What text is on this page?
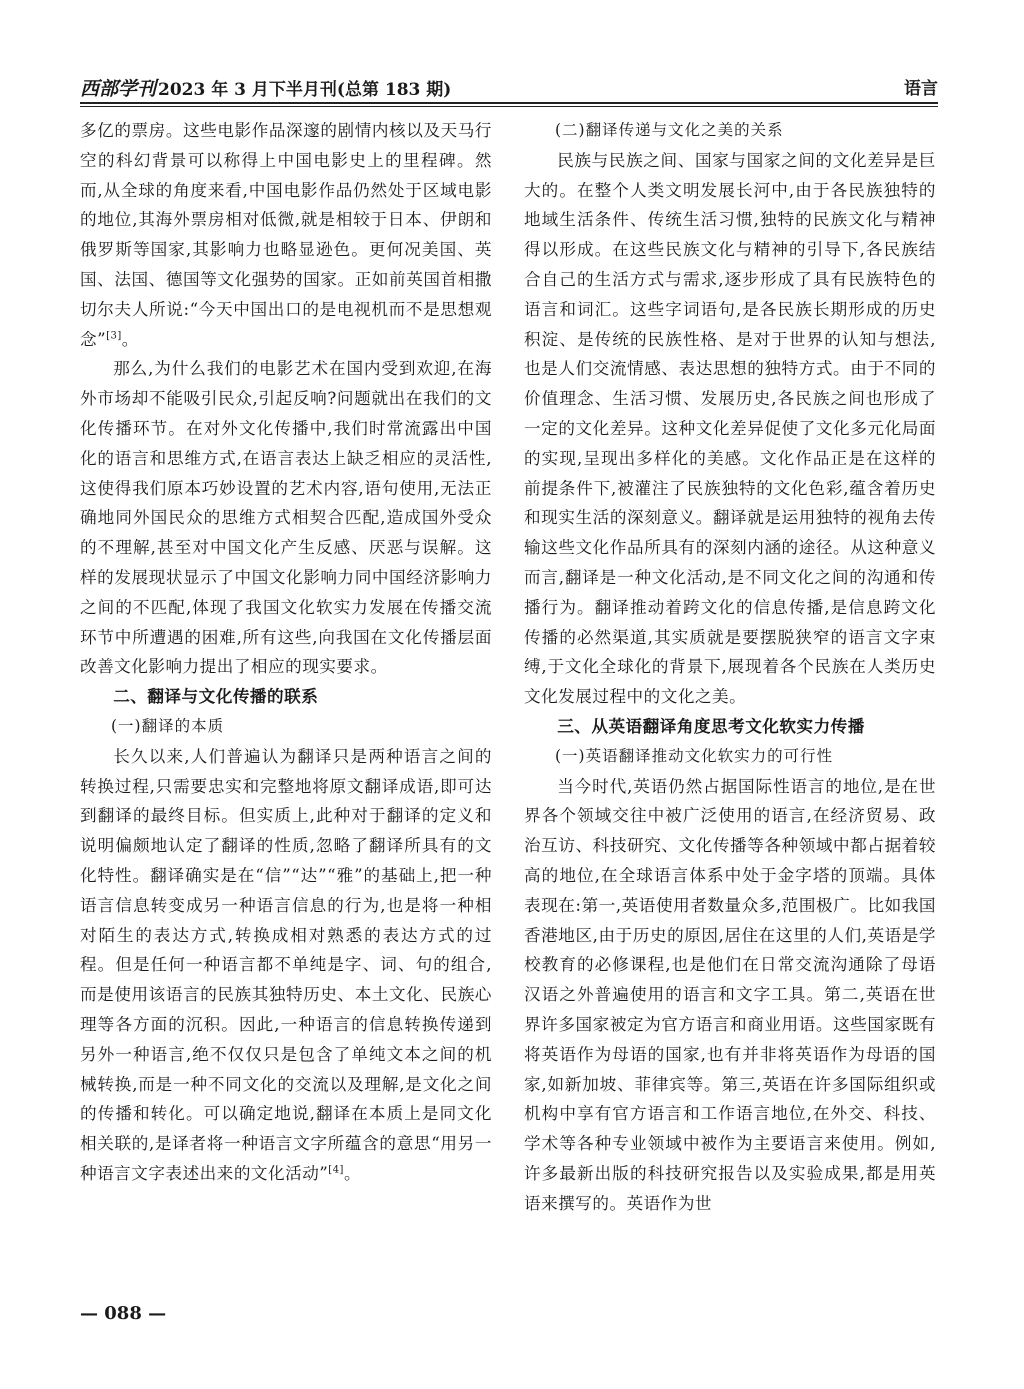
西部学刊 2023 年 3 月下半月刊(总第 183 期)	语言

多亿的票房。这些电影作品深邃的剧情内核以及天马行空的科幻背景可以称得上中国电影史上的里程碑。然而,从全球的角度来看,中国电影作品仍然处于区域电影的地位,其海外票房相对低微,就是相较于日本、伊朗和俄罗斯等国家,其影响力也略显逊色。更何况美国、英国、法国、德国等文化强势的国家。正如前英国首相撒切尔夫人所说:“今天中国出口的是电视机而不是思想观念”[3]。

那么,为什么我们的电影艺术在国内受到欢迎,在海外市场却不能吸引民众,引起反响?问题就出在我们的文化传播环节。在对外文化传播中,我们时常流露出中国化的语言和思维方式,在语言表达上缺乏相应的灵活性,这使得我们原本巧妙设置的艺术内容,语句使用,无法正确地同外国民众的思维方式相契合匹配,造成国外受众的不理解,甚至对中国文化产生反感、厌恶与误解。这样的发展现状显示了中国文化影响力同中国经济影响力之间的不匹配,体现了我国文化软实力发展在传播交流环节中所遭遇的困难,所有这些,向我国在文化传播层面改善文化影响力提出了相应的现实要求。

二、翻译与文化传播的联系
(一)翻译的本质

长久以来,人们普遍认为翻译只是两种语言之间的转换过程,只需要忠实和完整地将原文翻译成语,即可达到翻译的最终目标。但实质上,此种对于翻译的定义和说明偏颇地认定了翻译的性质,忽略了翻译所具有的文化特性。翻译确实是在“信”“达”“雅”的基础上,把一种语言信息转变成另一种语言信息的行为,也是将一种相对陌生的表达方式,转换成相对熟悉的表达方式的过程。但是任何一种语言都不单纯是字、词、句的组合,而是使用该语言的民族其独特历史、本土文化、民族心理等各方面的沉积。因此,一种语言的信息转换传递到另外一种语言,绝不仅仅只是包含了单纯文本之间的机械转换,而是一种不同文化的交流以及理解,是文化之间的传播和转化。可以确定地说,翻译在本质上是同文化相关联的,是译者将一种语言文字所蕴含的意思“用另一种语言文字表述出来的文化活动”[4]。

(二)翻译传递与文化之美的关系

民族与民族之间、国家与国家之间的文化差异是巨大的。在整个人类文明发展长河中,由于各民族独特的地域生活条件、传统生活习惯,独特的民族文化与精神得以形成。在这些民族文化与精神的引导下,各民族结合自己的生活方式与需求,逐步形成了具有民族特色的语言和词汇。这些字词语句,是各民族长期形成的历史积淀、是传统的民族性格、是对于世界的认知与想法,也是人们交流情感、表达思想的独特方式。由于不同的价值理念、生活习惯、发展历史,各民族之间也形成了一定的文化差异。这种文化差异促使了文化多元化局面的实现,呈现出多样化的美感。文化作品正是在这样的前提条件下,被灌注了民族独特的文化色彩,蕴含着历史和现实生活的深刻意义。翻译就是运用独特的视角去传输这些文化作品所具有的深刻内涵的途径。从这种意义而言,翻译是一种文化活动,是不同文化之间的沟通和传播行为。翻译推动着跨文化的信息传播,是信息跨文化传播的必然渠道,其实质就是要摆脱狭窄的语言文字束缚,于文化全球化的背景下,展现着各个民族在人类历史文化发展过程中的文化之美。

三、从英语翻译角度思考文化软实力传播
(一)英语翻译推动文化软实力的可行性

当今时代,英语仍然占据国际性语言的地位,是在世界各个领域交往中被广泛使用的语言,在经济贸易、政治互访、科技研究、文化传播等各种领域中都占据着较高的地位,在全球语言体系中处于金字塔的顶端。具体表现在:第一,英语使用者数量众多,范围极广。比如我国香港地区,由于历史的原因,居住在这里的人们,英语是学校教育的必修课程,也是他们在日常交流沟通除了母语汉语之外普遍使用的语言和文字工具。第二,英语在世界许多国家被定为官方语言和商业用语。这些国家既有将英语作为母语的国家,也有并非将英语作为母语的国家,如新加坡、菲律宾等。第三,英语在许多国际组织或机构中享有官方语言和工作语言地位,在外交、科技、学术等各种专业领域中被作为主要语言来使用。例如,许多最新出版的科技研究报告以及实验成果,都是用英语来撰写的。英语作为世

— 088 —
